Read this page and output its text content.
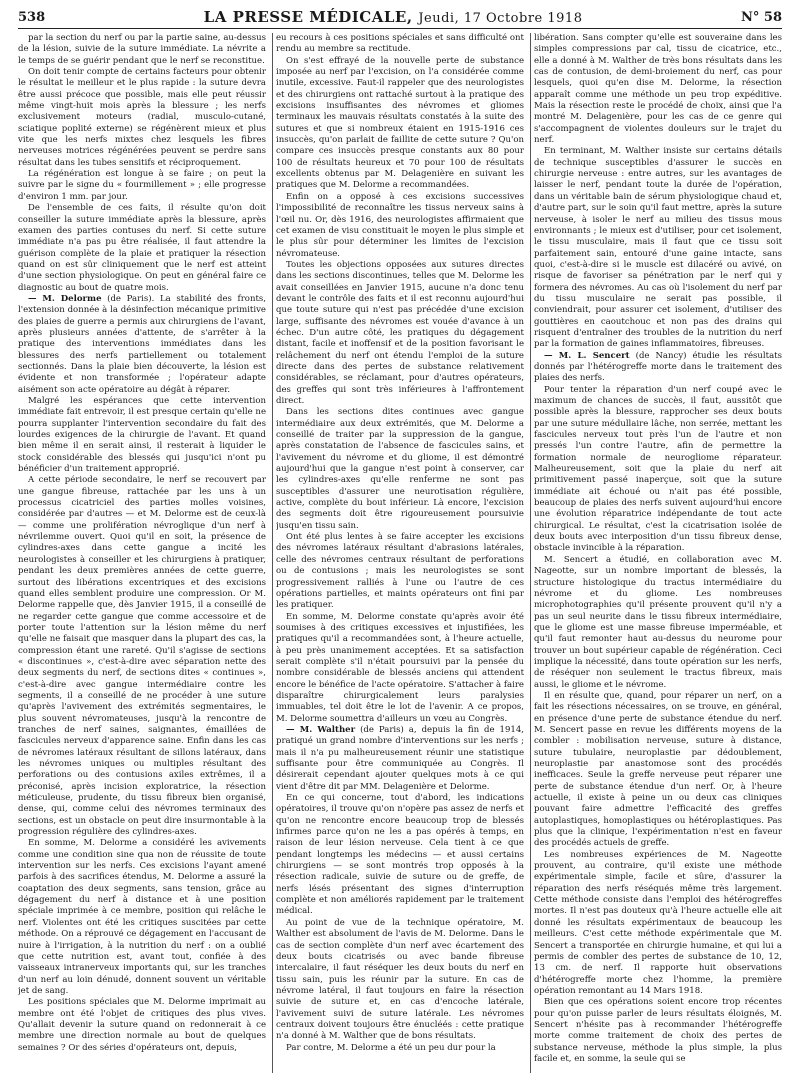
538	LA PRESSE MÉDICALE, Jeudi, 17 Octobre 1918	N° 58

par la section du nerf ou par la partie saine, au-dessus de la lésion, suivie de la suture immédiate. La névrite a le temps de se guérir pendant que le nerf se reconstitue.

On doit tenir compte de certains facteurs pour obtenir le résultat le meilleur et le plus rapide : la suture devra être aussi précoce que possible, mais elle peut réussir même vingt-huit mois après la blessure ; les nerfs exclusivement moteurs (radial, musculo-cutané, sciatique poplité externe) se régénèrent mieux et plus vite que les nerfs mixtes chez lesquels les fibres nerveuses motrices régénérées peuvent se perdre sans résultat dans les tubes sensitifs et réciproquement.

La régénération est longue à se faire ; on peut la suivre par le signe du « fourmillement » ; elle progresse d'environ 1 mm. par jour.

De l'ensemble de ces faits, il résulte qu'on doit conseiller la suture immédiate après la blessure, après examen des parties contuses du nerf. Si cette suture immédiate n'a pas pu être réalisée, il faut attendre la guérison complète de la plaie et pratiquer la résection quand on est sûr cliniquement que le nerf est atteint d'une section physiologique. On peut en général faire ce diagnostic au bout de quatre mois.

— M. Delorme (de Paris). La stabilité des fronts, l'extension donnée à la désinfection mécanique primitive des plaies de guerre a permis aux chirurgiens de l'avant, après plusieurs années d'attente, de s'arrêter à la pratique des interventions immédiates dans les blessures des nerfs partiellement ou totalement sectionnés. Dans la plaie bien découverte, la lésion est évidente et non transformée ; l'opérateur adapte aisément son acte opératoire au dégât à réparer.

Malgré les espérances que cette intervention immédiate fait entrevoir, il est presque certain qu'elle ne pourra supplanter l'intervention secondaire du fait des lourdes exigences de la chirurgie de l'avant. Et quand bien même il en serait ainsi, il resterait à liquider le stock considérable des blessés qui jusqu'ici n'ont pu bénéficier d'un traitement approprié.

A cette période secondaire, le nerf se recouvert par une gangue fibreuse, rattachée par les uns à un processus cicatriciel des parties molles voisines, considérée par d'autres — et M. Delorme est de ceux-là — comme une prolifération névroglique d'un nerf à névrilemme ouvert. Quoi qu'il en soit, la présence de cylindres-axes dans cette gangue a incité les neurologistes à conseiller et les chirurgiens à pratiquer, pendant les deux premières années de cette guerre, surtout des libérations excentriques et des excisions quand elles semblent produire une compression. Or M. Delorme rappelle que, dès Janvier 1915, il a conseillé de ne regarder cette gangue que comme accessoire et de porter toute l'attention sur la lésion même du nerf qu'elle ne faisait que masquer dans la plupart des cas, la compression étant une rareté. Qu'il s'agisse de sections « discontinues », c'est-à-dire avec séparation nette des deux segments du nerf, de sections dites « continues », c'est-à-dire avec gangue intermédiaire contre les segments, il a conseillé de ne procéder à une suture qu'après l'avivement des extrémités segmentaires, le plus souvent névromateuses, jusqu'à la rencontre de tranches de nerf saines, saignantes, émaillées de fascicules nerveux d'apparence saine. Enfin dans les cas de névromes latéraux résultant de sillons latéraux, dans les névromes uniques ou multiples résultant des perforations ou des contusions axiles extrêmes, il a préconisé, après incision exploratrice, la résection méticuleuse, prudente, du tissu fibreux bien organisé, dense, qui, comme celui des névromes terminaux des sections, est un obstacle on peut dire insurmontable à la progression régulière des cylindres-axes.

En somme, M. Delorme a considéré les avivements comme une condition sine qua non de réussite de toute intervention sur les nerfs. Ces excisions l'ayant amené parfois à des sacrifices étendus, M. Delorme a assuré la coaptation des deux segments, sans tension, grâce au dégagement du nerf à distance et à une position spéciale imprimée à ce membre, position qui relâche le nerf. Violentes ont été les critiques suscitées par cette méthode. On a réprouvé ce dégagement en l'accusant de nuire à l'irrigation, à la nutrition du nerf : on a oublié que cette nutrition est, avant tout, confiée à des vaisseaux intranerveux importants qui, sur les tranches d'un nerf au loin dénudé, donnent souvent un véritable jet de sang.

Les positions spéciales que M. Delorme imprimait au membre ont été l'objet de critiques des plus vives. Qu'allait devenir la suture quand on redonnerait à ce membre une direction normale au bout de quelques semaines ? Or des séries d'opérateurs ont, depuis,

eu recours à ces positions spéciales et sans difficulté ont rendu au membre sa rectitude.

On s'est effrayé de la nouvelle perte de substance imposée au nerf par l'excision, on l'a considérée comme inutile, excessive. Faut-il rappeler que des neurologistes et des chirurgiens ont rattaché surtout à la pratique des excisions insuffisantes des névromes et gliomes terminaux les mauvais résultats constatés à la suite des sutures et que si nombreux étaient en 1915-1916 ces insuccès, qu'on parlait de faillite de cette suture ? Qu'on compare ces insuccès presque constants aux 80 pour 100 de résultats heureux et 70 pour 100 de résultats excellents obtenus par M. Delagenière en suivant les pratiques que M. Delorme a recommandées.

Enfin on a opposé à ces excisions successives l'impossibilité de reconnaître les tissus nerveux sains à l'œil nu. Or, dès 1916, des neurologistes affirmaient que cet examen de visu constituait le moyen le plus simple et le plus sûr pour déterminer les limites de l'excision névromateuse.

Toutes les objections opposées aux sutures directes dans les sections discontinues, telles que M. Delorme les avait conseillées en Janvier 1915, aucune n'a donc tenu devant le contrôle des faits et il est reconnu aujourd'hui que toute suture qui n'est pas précédée d'une excision large, suffisante des névromes est vouée d'avance à un échec. D'un autre côté, les pratiques du dégagement distant, facile et inoffensif et de la position favorisant le relâchement du nerf ont étendu l'emploi de la suture directe dans des pertes de substance relativement considérables, se réclamant, pour d'autres opérateurs, des greffes qui sont très inférieures à l'affrontement direct.

Dans les sections dites continues avec gangue intermédiaire aux deux extrémités, que M. Delorme a conseillé de traiter par la suppression de la gangue, après constatation de l'absence de fascicules sains, et l'avivement du névrome et du gliome, il est démontré aujourd'hui que la gangue n'est point à conserver, car les cylindres-axes qu'elle renferme ne sont pas susceptibles d'assurer une neurotisation régulière, active, complète du bout inférieur. Là encore, l'excision des segments doit être rigoureusement poursuivie jusqu'en tissu sain.

Ont été plus lentes à se faire accepter les excisions des névromes latéraux résultant d'abrasions latérales, celle des névromes centraux résultant de perforations ou de contusions ; mais les neurologistes se sont progressivement ralliés à l'une ou l'autre de ces opérations partielles, et maints opérateurs ont fini par les pratiquer.

En somme, M. Delorme constate qu'après avoir été soumises à des critiques excessives et injustifiées, les pratiques qu'il a recommandées sont, à l'heure actuelle, à peu près unanimement acceptées. Et sa satisfaction serait complète s'il n'était poursuivi par la pensée du nombre considérable de blessés anciens qui attendent encore le bénéfice de l'acte opératoire. S'attacher à faire disparaître chirurgicalement leurs paralysies immuables, tel doit être le lot de l'avenir. A ce propos, M. Delorme soumettra d'ailleurs un vœu au Congrès.

— M. Walther (de Paris) a, depuis la fin de 1914, pratiqué un grand nombre d'interventions sur les nerfs ; mais il n'a pu malheureusement réunir une statistique suffisante pour être communiquée au Congrès. Il désirerait cependant ajouter quelques mots à ce qui vient d'être dit par MM. Delagenière et Delorme.

En ce qui concerne, tout d'abord, les indications opératoires, il trouve qu'on n'opère pas assez de nerfs et qu'on ne rencontre encore beaucoup trop de blessés infirmes parce qu'on ne les a pas opérés à temps, en raison de leur lésion nerveuse. Cela tient à ce que pendant longtemps les médecins — et aussi certains chirurgiens — se sont montrés trop opposés à la résection radicale, suivie de suture ou de greffe, de nerfs lésés présentant des signes d'interruption complète et non améliorés rapidement par le traitement médical.

Au point de vue de la technique opératoire, M. Walther est absolument de l'avis de M. Delorme. Dans le cas de section complète d'un nerf avec écartement des deux bouts cicatrisés ou avec bande fibreuse intercalaire, il faut réséquer les deux bouts du nerf en tissu sain, puis les réunir par la suture. En cas de névrome latéral, il faut toujours en faire la résection suivie de suture et, en cas d'encoche latérale, l'avivement suivi de suture latérale. Les névromes centraux doivent toujours être énucléés : cette pratique n'a donné à M. Walther que de bons résultats.

Par contre, M. Delorme a été un peu dur pour la

libération. Sans compter qu'elle est souveraine dans les simples compressions par cal, tissu de cicatrice, etc., elle a donné à M. Walther de très bons résultats dans les cas de contusion, de demi-broiement du nerf, cas pour lesquels, quoi qu'en dise M. Delorme, la résection apparaît comme une méthode un peu trop expéditive. Mais la résection reste le procédé de choix, ainsi que l'a montré M. Delagenière, pour les cas de ce genre qui s'accompagnent de violentes douleurs sur le trajet du nerf.

En terminant, M. Walther insiste sur certains détails de technique susceptibles d'assurer le succès en chirurgie nerveuse : entre autres, sur les avantages de laisser le nerf, pendant toute la durée de l'opération, dans un véritable bain de sérum physiologique chaud et, d'autre part, sur le soin qu'il faut mettre, après la suture nerveuse, à isoler le nerf au milieu des tissus mous environnants ; le mieux est d'utiliser, pour cet isolement, le tissu musculaire, mais il faut que ce tissu soit parfaitement sain, entouré d'une gaine intacte, sans quoi, c'est-à-dire si le muscle est dilacéré ou avivé, on risque de favoriser sa pénétration par le nerf qui y formera des névromes. Au cas où l'isolement du nerf par du tissu musculaire ne serait pas possible, il conviendrait, pour assurer cet isolement, d'utiliser des gouttières en caoutchouc et non pas des drains qui risquent d'entraîner des troubles de la nutrition du nerf par la formation de gaines inflammatoires, fibreuses.

— M. L. Sencert (de Nancy) étudie les résultats donnés par l'hétérogreffe morte dans le traitement des plaies des nerfs.

Pour tenter la réparation d'un nerf coupé avec le maximum de chances de succès, il faut, aussitôt que possible après la blessure, rapprocher ses deux bouts par une suture médullaire lâche, non serrée, mettant les fascicules nerveux tout près l'un de l'autre et non pressés l'un contre l'autre, afin de permettre la formation normale de neurogliome réparateur. Malheureusement, soit que la plaie du nerf ait primitivement passé inaperçue, soit que la suture immédiate ait échoué ou n'ait pas été possible, beaucoup de plaies des nerfs suivent aujourd'hui encore une évolution réparatrice indépendante de tout acte chirurgical. Le résultat, c'est la cicatrisation isolée de deux bouts avec interposition d'un tissu fibreux dense, obstacle invincible à la réparation.

M. Sencert a étudié, en collaboration avec M. Nageotte, sur un nombre important de blessés, la structure histologique du tractus intermédiaire du névrome et du gliome. Les nombreuses microphotographies qu'il présente prouvent qu'il n'y a pas un seul neurite dans le tissu fibreux intermédiaire, que le gliome est une masse fibreuse imperméable, et qu'il faut remonter haut au-dessus du neurome pour trouver un bout supérieur capable de régénération. Ceci implique la nécessité, dans toute opération sur les nerfs, de réséquer non seulement le tractus fibreux, mais aussi, le gliome et le névrome.

Il en résulte que, quand, pour réparer un nerf, on a fait les résections nécessaires, on se trouve, en général, en présence d'une perte de substance étendue du nerf. M. Sencert passe en revue les différents moyens de la combler : mobilisation nerveuse, suture à distance, suture tubulaire, neuroplastie par dédoublement, neuroplastie par anastomose sont des procédés inefficaces. Seule la greffe nerveuse peut réparer une perte de substance étendue d'un nerf. Or, à l'heure actuelle, il existe à peine un ou deux cas cliniques pouvant faire admettre l'efficacité des greffes autoplastiques, homoplastiques ou hétéroplastiques. Pas plus que la clinique, l'expérimentation n'est en faveur des procédés actuels de greffe.

Les nombreuses expériences de M. Nageotte prouvent, au contraire, qu'il existe une méthode expérimentale simple, facile et sûre, d'assurer la réparation des nerfs réséqués même très largement. Cette méthode consiste dans l'emploi des hétérogreffes mortes. Il n'est pas douteux qu'à l'heure actuelle elle ait donné les résultats expérimentaux de beaucoup les meilleurs. C'est cette méthode expérimentale que M. Sencert a transportée en chirurgie humaine, et qui lui a permis de combler des pertes de substance de 10, 12, 13 cm. de nerf. Il rapporte huit observations d'hétérogreffe morte chez l'homme, la première opération remontant au 14 Mars 1918.

Bien que ces opérations soient encore trop récentes pour qu'on puisse parler de leurs résultats éloignés, M. Sencert n'hésite pas à recommander l'hétérogreffe morte comme traitement de choix des pertes de substance nerveuse, méthode la plus simple, la plus facile et, en somme, la seule qui se
